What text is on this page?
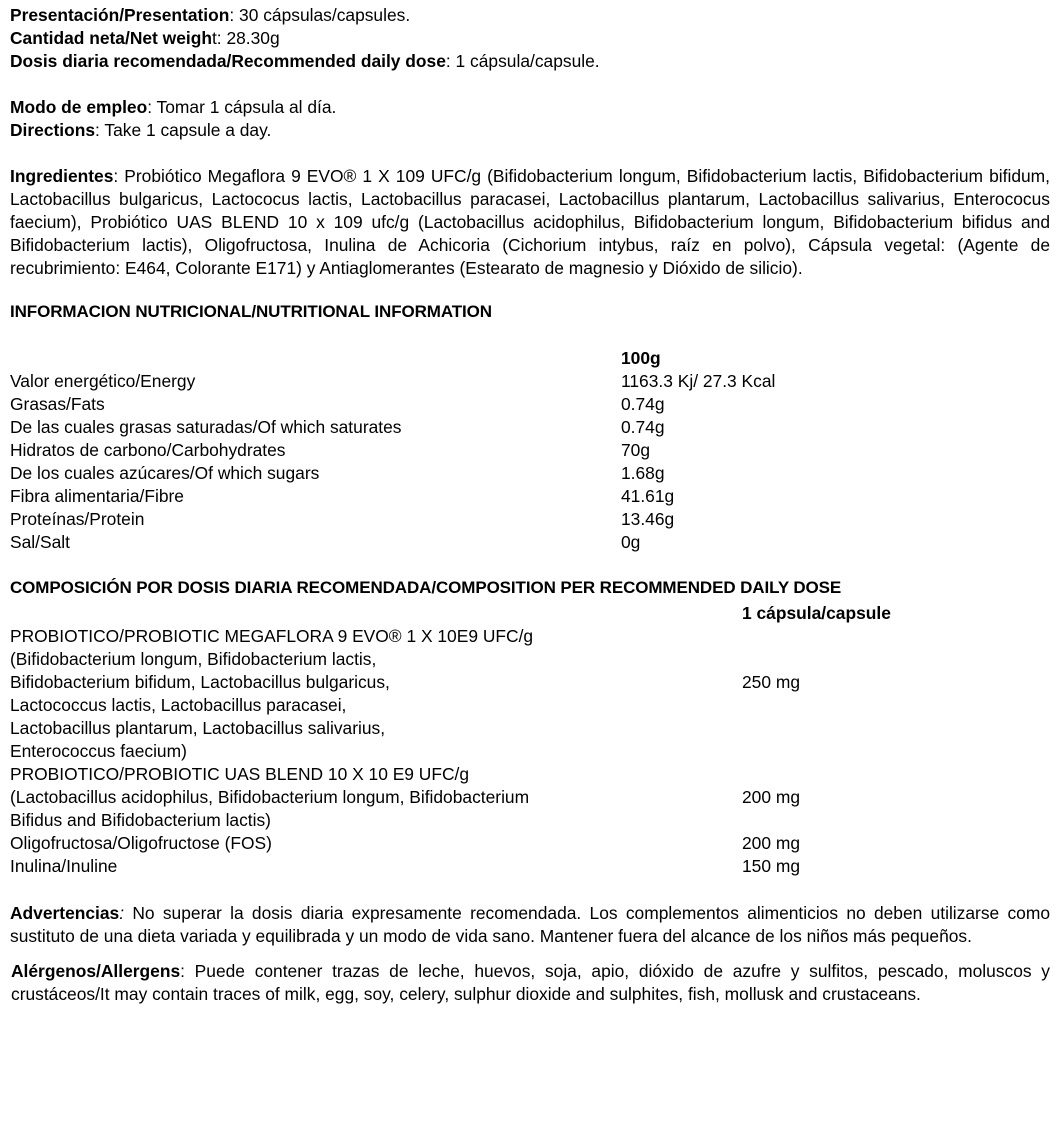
Presentación/Presentation: 30 cápsulas/capsules.

Cantidad neta/Net weight: 28.30g

Dosis diaria recomendada/Recommended daily dose: 1 cápsula/capsule.

Modo de empleo: Tomar 1 cápsula al día.

Directions: Take 1 capsule a day.

Ingredientes: Probiótico Megaflora 9 EVO® 1 X 109 UFC/g (Bifidobacterium longum, Bifidobacterium lactis, Bifidobacterium bifidum, Lactobacillus bulgaricus, Lactococus lactis, Lactobacillus paracasei, Lactobacillus plantarum, Lactobacillus salivarius, Enterococus faecium), Probiótico UAS BLEND 10 x 109 ufc/g (Lactobacillus acidophilus, Bifidobacterium longum, Bifidobacterium bifidus and Bifidobacterium lactis), Oligofructosa, Inulina de Achicoria (Cichorium intybus, raíz en polvo), Cápsula vegetal: (Agente de recubrimiento: E464, Colorante E171) y Antiaglomerantes (Estearato de magnesio y Dióxido de silicio).

INFORMACION NUTRICIONAL/NUTRITIONAL INFORMATION

100g
Valor energético/Energy	1163.3 Kj/ 27.3 Kcal
Grasas/Fats	0.74g
De las cuales grasas saturadas/Of which saturates	0.74g
Hidratos de carbono/Carbohydrates	70g
De los cuales azúcares/Of which sugars	1.68g
Fibra alimentaria/Fibre	41.61g
Proteínas/Protein	13.46g
Sal/Salt	0g

COMPOSICIÓN POR DOSIS DIARIA RECOMENDADA/COMPOSITION PER RECOMMENDED DAILY DOSE

1 cápsula/capsule
PROBIOTICO/PROBIOTIC MEGAFLORA 9 EVO® 1 X 10E9 UFC/g
(Bifidobacterium longum, Bifidobacterium lactis,
Bifidobacterium bifidum, Lactobacillus bulgaricus,
Lactococcus lactis, Lactobacillus paracasei,
Lactobacillus plantarum, Lactobacillus salivarius,
Enterococcus faecium)
250 mg
PROBIOTICO/PROBIOTIC UAS BLEND 10 X 10 E9 UFC/g
(Lactobacillus acidophilus, Bifidobacterium longum, Bifidobacterium
Bifidus and Bifidobacterium lactis)
200 mg
Oligofructosa/Oligofructose (FOS)	200 mg
Inulina/Inuline	150 mg

Advertencias: No superar la dosis diaria expresamente recomendada. Los complementos alimenticios no deben utilizarse como sustituto de una dieta variada y equilibrada y un modo de vida sano. Mantener fuera del alcance de los niños más pequeños.

Alérgenos/Allergens: Puede contener trazas de leche, huevos, soja, apio, dióxido de azufre y sulfitos, pescado, moluscos y crustáceos/It may contain traces of milk, egg, soy, celery, sulphur dioxide and sulphites, fish, mollusk and crustaceans.
